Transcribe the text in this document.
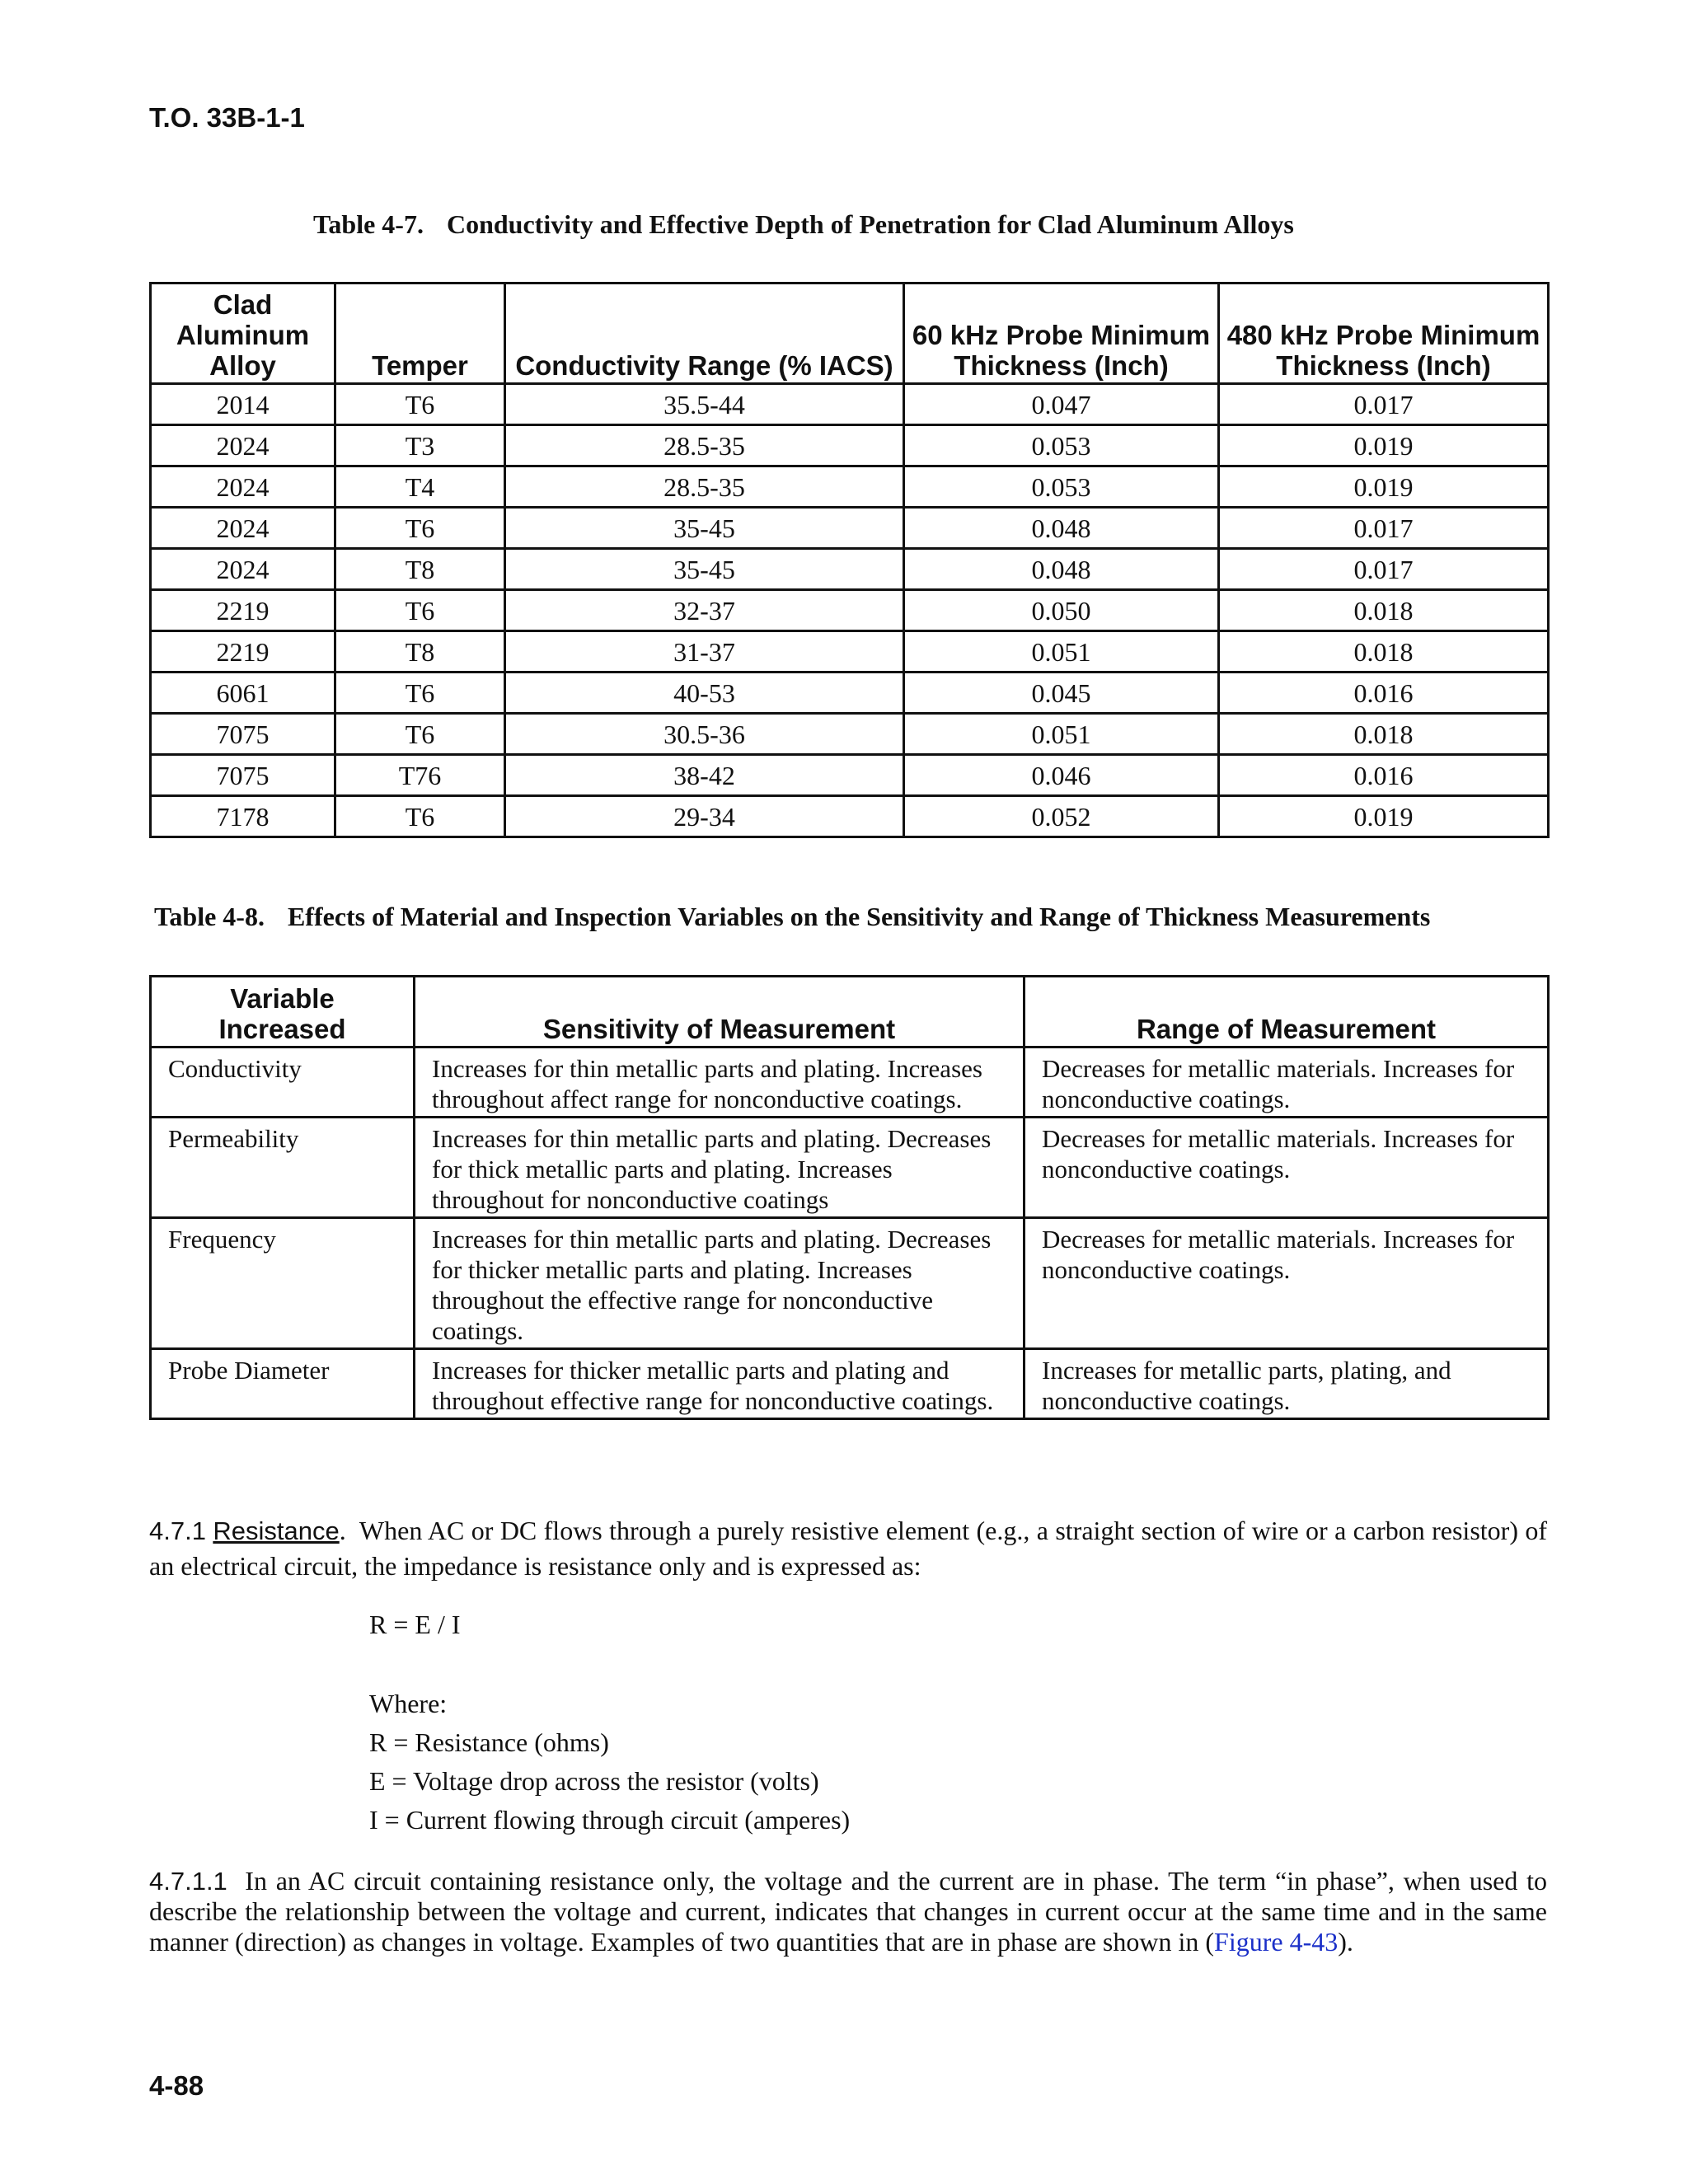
T.O. 33B-1-1
Table 4-7. Conductivity and Effective Depth of Penetration for Clad Aluminum Alloys
Clad Aluminum Alloy	Temper	Conductivity Range (% IACS)	60 kHz Probe Minimum Thickness (Inch)	480 kHz Probe Minimum Thickness (Inch)
2014	T6	35.5-44	0.047	0.017
2024	T3	28.5-35	0.053	0.019
2024	T4	28.5-35	0.053	0.019
2024	T6	35-45	0.048	0.017
2024	T8	35-45	0.048	0.017
2219	T6	32-37	0.050	0.018
2219	T8	31-37	0.051	0.018
6061	T6	40-53	0.045	0.016
7075	T6	30.5-36	0.051	0.018
7075	T76	38-42	0.046	0.016
7178	T6	29-34	0.052	0.019
Table 4-8. Effects of Material and Inspection Variables on the Sensitivity and Range of Thickness Measurements
Variable Increased	Sensitivity of Measurement	Range of Measurement
Conductivity	Increases for thin metallic parts and plating. Increases throughout affect range for nonconductive coatings.	Decreases for metallic materials. Increases for nonconductive coatings.
Permeability	Increases for thin metallic parts and plating. Decreases for thick metallic parts and plating. Increases throughout for nonconductive coatings	Decreases for metallic materials. Increases for nonconductive coatings.
Frequency	Increases for thin metallic parts and plating. Decreases for thicker metallic parts and plating. Increases throughout the effective range for nonconductive coatings.	Decreases for metallic materials. Increases for nonconductive coatings.
Probe Diameter	Increases for thicker metallic parts and plating and throughout effective range for nonconductive coatings.	Increases for metallic parts, plating, and nonconductive coatings.
4.7.1 Resistance. When AC or DC flows through a purely resistive element (e.g., a straight section of wire or a carbon resistor) of an electrical circuit, the impedance is resistance only and is expressed as:
R = E / I
Where:
R = Resistance (ohms)
E = Voltage drop across the resistor (volts)
I = Current flowing through circuit (amperes)
4.7.1.1 In an AC circuit containing resistance only, the voltage and the current are in phase. The term “in phase”, when used to describe the relationship between the voltage and current, indicates that changes in current occur at the same time and in the same manner (direction) as changes in voltage. Examples of two quantities that are in phase are shown in (Figure 4-43).
4-88
